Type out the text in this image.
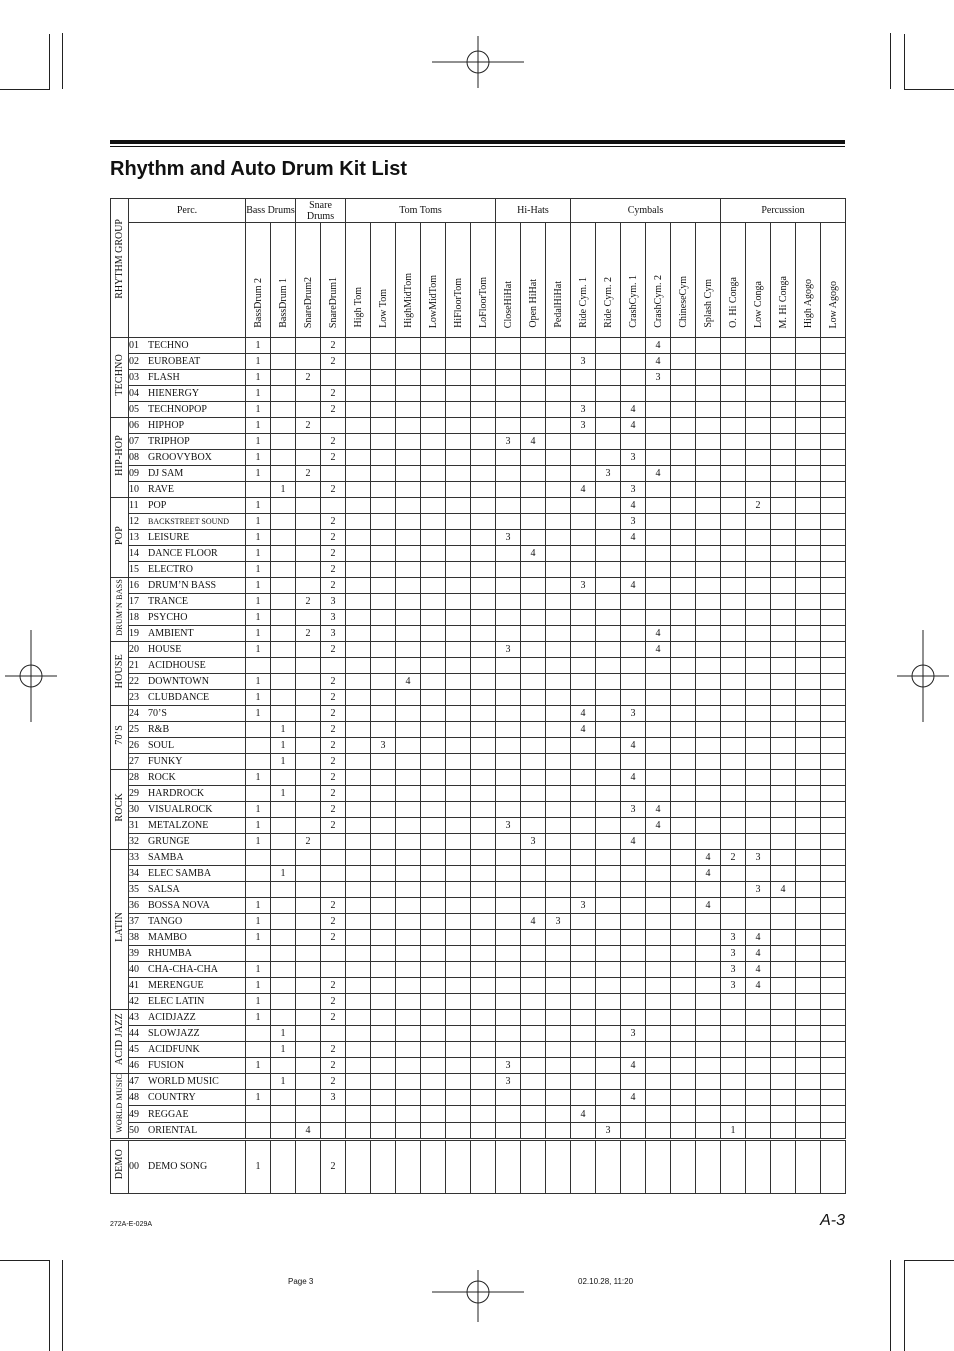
Rhythm and Auto Drum Kit List
RHYTHM GROUP	Perc.	Bass Drums		Snare Drums		Tom Toms						Hi-Hats			Cymbals						Percussion				
		BassDrum 2	BassDrum 1	SnareDrum2	SnareDrum1	High Tom	Low Tom	HighMidTom	LowMidTom	HiFloorTom	LoFloorTom	CloseHiHat	Open HiHat	PedalHiHat	Ride Cym. 1	Ride Cym. 2	CrashCym. 1	CrashCym. 2	ChineseCym	Splash Cym	O. Hi Conga	Low Conga	M. Hi Conga	High Agogo	Low Agogo
TECHNO	01 TECHNO	1			2													4							
	02 EUROBEAT	1			2										3			4							
	03 FLASH	1		2														3							
	04 HIENERGY	1			2																				
	05 TECHNOPOP	1			2										3		4								
HIP-HOP	06 HIPHOP	1		2											3		4								
	07 TRIPHOP	1			2							3	4												
	08 GROOVYBOX	1			2												3								
	09 DJ SAM	1		2												3		4							
	10 RAVE		1		2										4		3								
POP	11 POP	1															4					2			
	12 BACKSTREET SOUND	1			2												3								
	13 LEISURE	1			2							3					4								
	14 DANCE FLOOR	1			2								4												
	15 ELECTRO	1			2																				
DRUM’N BASS	16 DRUM’N BASS	1			2										3		4								
	17 TRANCE	1		2	3																				
	18 PSYCHO	1			3																				
	19 AMBIENT	1		2	3													4							
HOUSE	20 HOUSE	1			2							3						4							
	21 ACIDHOUSE																								
	22 DOWNTOWN	1			2			4																	
	23 CLUBDANCE	1			2																				
70’S	24 70’S	1			2										4		3								
	25 R&B		1		2										4										
	26 SOUL		1		2		3										4								
	27 FUNKY		1		2																				
ROCK	28 ROCK	1			2												4								
	29 HARDROCK		1		2																				
	30 VISUALROCK	1			2												3	4							
	31 METALZONE	1			2							3						4							
	32 GRUNGE	1		2									3				4								
LATIN	33 SAMBA																			4	2	3			
	34 ELEC SAMBA		1																	4					
	35 SALSA																					3	4		
	36 BOSSA NOVA	1			2										3					4					
	37 TANGO	1			2								4	3											
	38 MAMBO	1			2																3	4			
	39 RHUMBA																				3	4			
	40 CHA-CHA-CHA	1																			3	4			
	41 MERENGUE	1			2																3	4			
	42 ELEC LATIN	1			2																				
ACID JAZZ	43 ACIDJAZZ	1			2																				
	44 SLOWJAZZ		1														3								
	45 ACIDFUNK		1		2																				
	46 FUSION	1			2							3					4								
WORLD MUSIC	47 WORLD MUSIC		1		2							3													
	48 COUNTRY	1			3												4								
	49 REGGAE														4										
	50 ORIENTAL			4												3					1				
DEMO	00 DEMO SONG	1			2																				
272A-E-029A	A-3
Page 3	02.10.28, 11:20
